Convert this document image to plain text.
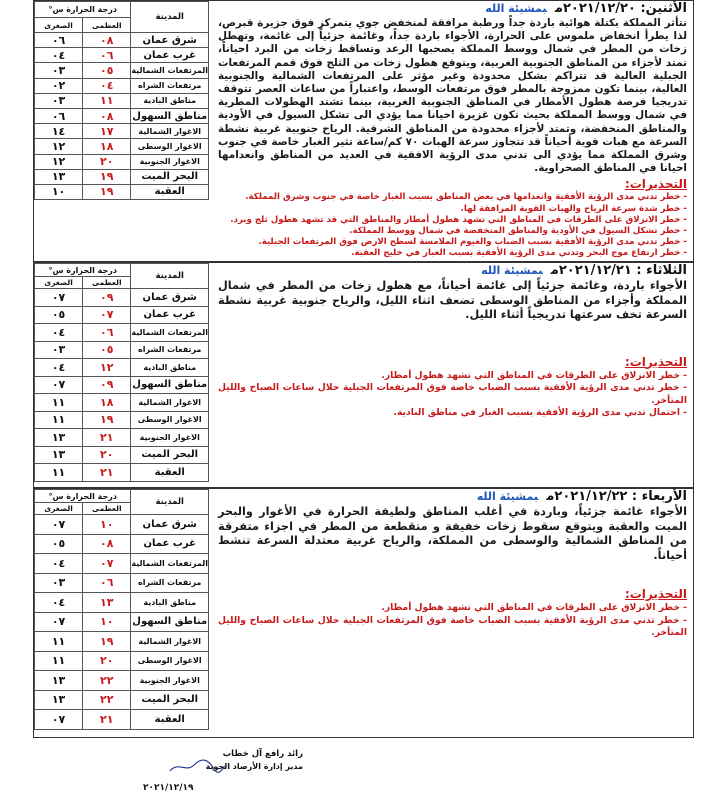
المدينة	درجة الحرارة س°	
	العظمى	الصغرى
شرق عمان	٠٨	٠٦
غرب عمان	٠٦	٠٤
المرتفعات الشمالية	٠٥	٠٣
مرتفعات الشراه	٠٤	٠٢
مناطق البادية	١١	٠٣
مناطق السهول	٠٨	٠٦
الاغوار الشمالية	١٧	١٤
الاغوار الوسطى	١٨	١٢
الاغوار الجنوبية	٢٠	١٢
البحر الميت	١٩	١٣
العقبة	١٩	١٠

الأثنين: ٢٠٢١/١٢/٢٠مبمشيئة الله

تتأثر المملكة بكتلة هوائية باردة جداً ورطبة مرافقة لمنخفض جوي يتمركز فوق جزيرة قبرص، لذا يطرأ انخفاض ملموس على الحرارة، الأجواء باردة جداً، وغائمة جزئياً إلى غائمة، وتهطل زخات من المطر في شمال ووسط المملكة يصحبها الرعد وتساقط زخات من البرد احياناً، تمتد لأجزاء من المناطق الجنوبية الغربية، ويتوقع هطول زخات من الثلج فوق قمم المرتفعات الجبلية العالية قد تتراكم بشكل محدودة وغير مؤثر على المرتفعات الشمالية والجنوبية العالية، بينما تكون ممزوجة بالمطر فوق مرتفعات الوسط، واعتباراً من ساعات العصر تتوقف تدريجيا فرصة هطول الأمطار في المناطق الجنوبية الغربية، بينما تشتد الهطولات المطرية في شمال ووسط المملكة بحيث تكون غزيرة احيانا مما يؤدي الى تشكل السيول في الأودية والمناطق المنخفضة، وتمتد لأجزاء محدودة من المناطق الشرقية. الرياح جنوبية غربية نشطة السرعة مع هبات قوية أحياناً قد تتجاوز سرعة الهبات ٧٠ كم/ساعة تثير الغبار خاصة في جنوب وشرق المملكة مما يؤدي الى تدني مدى الرؤية الافقية في العديد من المناطق وانعدامها احيانا في المناطق الصحراوية.

التحذيرات:

- خطر تدني مدى الرؤية الأفقية وانعدامها في بعض المناطق بسبب الغبار خاصة في جنوب وشرق المملكة.
- خطر شدة سرعة الرياح والهبات القوية المرافقة لها.
- خطر الانزلاق على الطرقات في المناطق التي تشهد هطول أمطار والمناطق التي قد تشهد هطول ثلج وبرد.
- خطر تشكل السيول في الأودية والمناطق المنخفضة في شمال ووسط المملكة.
- خطر تدني مدى الرؤية الأفقية بسبب الضباب والغيوم الملامسة لسطح الارض فوق المرتفعات الجبلية.
- خطر ارتفاع موج البحر وتدني مدى الرؤية الأفقية بسبب الغبار في خليج العقبة.
المدينة	درجة الحرارة س°	
	العظمى	الصغرى
شرق عمان	٠٩	٠٧
غرب عمان	٠٧	٠٥
المرتفعات الشمالية	٠٦	٠٤
مرتفعات الشراه	٠٥	٠٣
مناطق البادية	١٢	٠٤
مناطق السهول	٠٩	٠٧
الاغوار الشمالية	١٨	١١
الاغوار الوسطى	١٩	١١
الاغوار الجنوبية	٢١	١٣
البحر الميت	٢٠	١٣
العقبة	٢١	١١

الثلاثاء : ٢٠٢١/١٢/٢١مبمشيئة الله

الأجواء باردة، وغائمة جزئياً إلى غائمة أحياناً، مع هطول زخات من المطر في شمال المملكة وأجزاء من المناطق الوسطى تضعف اثناء الليل، والرياح جنوبية غربية نشطة السرعة تخف سرعتها تدريجياً أثناء الليل.

التحذيرات:

- خطر الانزلاق على الطرقات في المناطق التي تشهد هطول أمطار.
- خطر تدني مدى الرؤية الأفقية بسبب الضباب خاصة فوق المرتفعات الجبلية خلال ساعات الصباح والليل المتأخر.
- احتمال تدني مدى الرؤية الأفقية بسبب الغبار في مناطق البادية.
المدينة	درجة الحرارة س°	
	العظمى	الصغرى
شرق عمان	١٠	٠٧
غرب عمان	٠٨	٠٥
المرتفعات الشمالية	٠٧	٠٤
مرتفعات الشراه	٠٦	٠٣
مناطق البادية	١٣	٠٤
مناطق السهول	١٠	٠٧
الاغوار الشمالية	١٩	١١
الاغوار الوسطى	٢٠	١١
الاغوار الجنوبية	٢٢	١٣
البحر الميت	٢٢	١٣
العقبة	٢١	٠٧

الأربعاء : ٢٠٢١/١٢/٢٢مبمشيئة الله

الأجواء غائمة جزئياً، وباردة في أغلب المناطق ولطيفة الحرارة في الأغوار والبحر الميت والعقبة ويتوقع سقوط زخات خفيفة و متقطعة من المطر في اجزاء متفرقة من المناطق الشمالية والوسطى من المملكة، والرياح غربية معتدلة السرعة تنشط أحياناً.

التحذيرات:

- خطر الانزلاق على الطرقات في المناطق التي تشهد هطول أمطار.
- خطر تدني مدى الرؤية الأفقية بسبب الضباب خاصة فوق المرتفعات الجبلية خلال ساعات الصباح والليل المتأخر.
رائد رافع آل خطاب
مدير إدارة الأرصاد الجوية
٢٠٢١/١٢/١٩
